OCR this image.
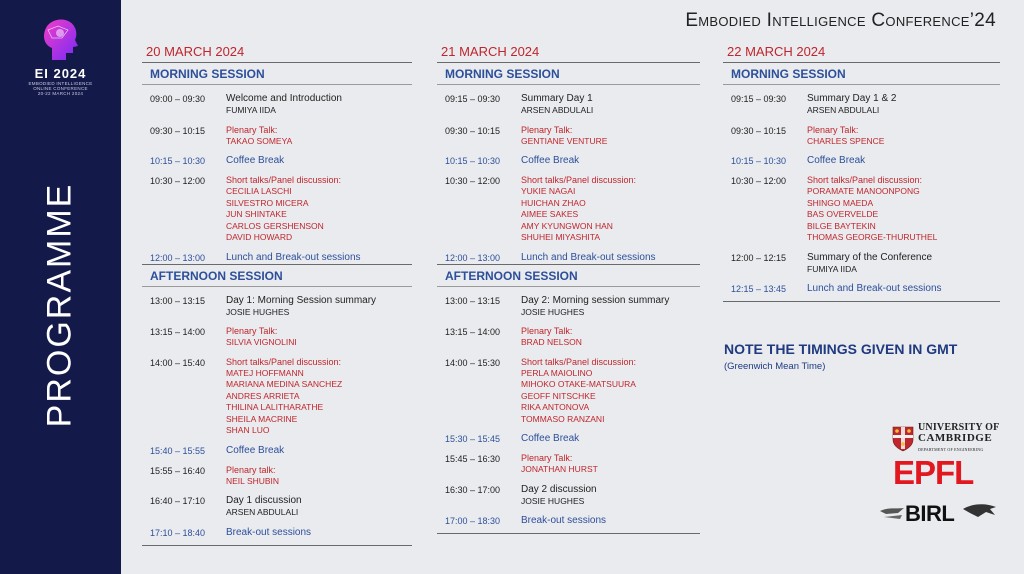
EI 2024
EMBODIED INTELLIGENCE
ONLINE CONFERENCE
20-22 MARCH 2024
PROGRAMME
Embodied Intelligence Conference’24
20 MARCH 2024
MORNING SESSION
09:00 – 09:30	Welcome and Introduction
FUMIYA IIDA
09:30 – 10:15	Plenary Talk:
TAKAO SOMEYA
10:15 – 10:30	Coffee Break
10:30 – 12:00	Short talks/Panel discussion:
CECILIA LASCHI
SILVESTRO MICERA
JUN SHINTAKE
CARLOS GERSHENSON
DAVID HOWARD
12:00 – 13:00	Lunch and Break-out sessions
AFTERNOON SESSION
13:00 – 13:15	Day 1: Morning Session summary
JOSIE HUGHES
13:15 – 14:00	Plenary Talk:
SILVIA VIGNOLINI
14:00 – 15:40	Short talks/Panel discussion:
MATEJ HOFFMANN
MARIANA MEDINA SANCHEZ
ANDRES ARRIETA
THILINA LALITHARATHE
SHEILA MACRINE
SHAN LUO
15:40 – 15:55	Coffee Break
15:55 – 16:40	Plenary talk:
NEIL SHUBIN
16:40 – 17:10	Day 1 discussion
ARSEN ABDULALI
17:10 – 18:40	Break-out sessions
21 MARCH 2024
MORNING SESSION
09:15 – 09:30	Summary Day 1
ARSEN ABDULALI
09:30 – 10:15	Plenary Talk:
GENTIANE VENTURE
10:15 – 10:30	Coffee Break
10:30 – 12:00	Short talks/Panel discussion:
YUKIE NAGAI
HUICHAN ZHAO
AIMEE SAKES
AMY KYUNGWON HAN
SHUHEI MIYASHITA
12:00 – 13:00	Lunch and Break-out sessions
AFTERNOON SESSION
13:00 – 13:15	Day 2: Morning session summary
JOSIE HUGHES
13:15 – 14:00	Plenary Talk:
BRAD NELSON
14:00 – 15:30	Short talks/Panel discussion:
PERLA MAIOLINO
MIHOKO OTAKE-MATSUURA
GEOFF NITSCHKE
RIKA ANTONOVA
TOMMASO RANZANI
15:30 – 15:45	Coffee Break
15:45 – 16:30	Plenary Talk:
JONATHAN HURST
16:30 – 17:00	Day 2 discussion
JOSIE HUGHES
17:00 – 18:30	Break-out sessions
22 MARCH 2024
MORNING SESSION
09:15 – 09:30	Summary Day 1 & 2
ARSEN ABDULALI
09:30 – 10:15	Plenary Talk:
CHARLES SPENCE
10:15 – 10:30	Coffee Break
10:30 – 12:00	Short talks/Panel discussion:
PORAMATE MANOONPONG
SHINGO MAEDA
BAS OVERVELDE
BILGE BAYTEKIN
THOMAS GEORGE-THURUTHEL
12:00 – 12:15	Summary of the Conference
FUMIYA IIDA
12:15 – 13:45	Lunch and Break-out sessions
NOTE THE TIMINGS GIVEN IN GMT
(Greenwich Mean Time)
UNIVERSITY OF
CAMBRIDGE
DEPARTMENT OF ENGINEERING
EPFL
BIRL
